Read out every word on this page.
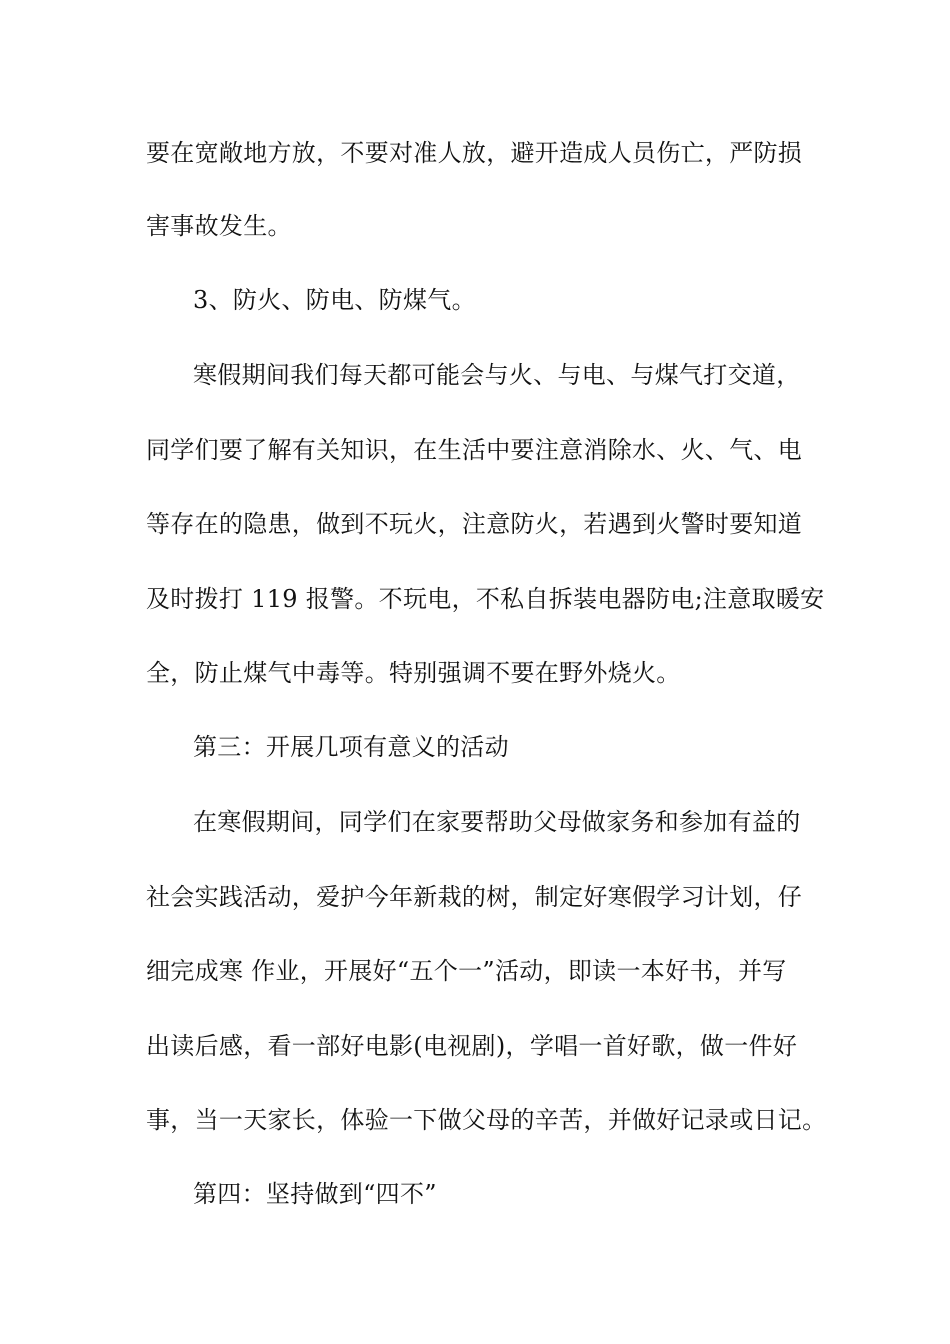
要在宽敞地方放，不要对准人放，避开造成人员伤亡，严防损
害事故发生。
3、防火、防电、防煤气。
寒假期间我们每天都可能会与火、与电、与煤气打交道，
同学们要了解有关知识，在生活中要注意消除水、火、气、电
等存在的隐患，做到不玩火，注意防火，若遇到火警时要知道
及时拨打 119 报警。不玩电，不私自拆装电器防电;注意取暖安
全，防止煤气中毒等。特别强调不要在野外烧火。
第三：开展几项有意义的活动
在寒假期间，同学们在家要帮助父母做家务和参加有益的
社会实践活动，爱护今年新栽的树，制定好寒假学习计划，仔
细完成寒 作业，开展好“五个一”活动，即读一本好书，并写
出读后感，看一部好电影(电视剧)，学唱一首好歌，做一件好
事，当一天家长，体验一下做父母的辛苦，并做好记录或日记。
第四：坚持做到“四不”
